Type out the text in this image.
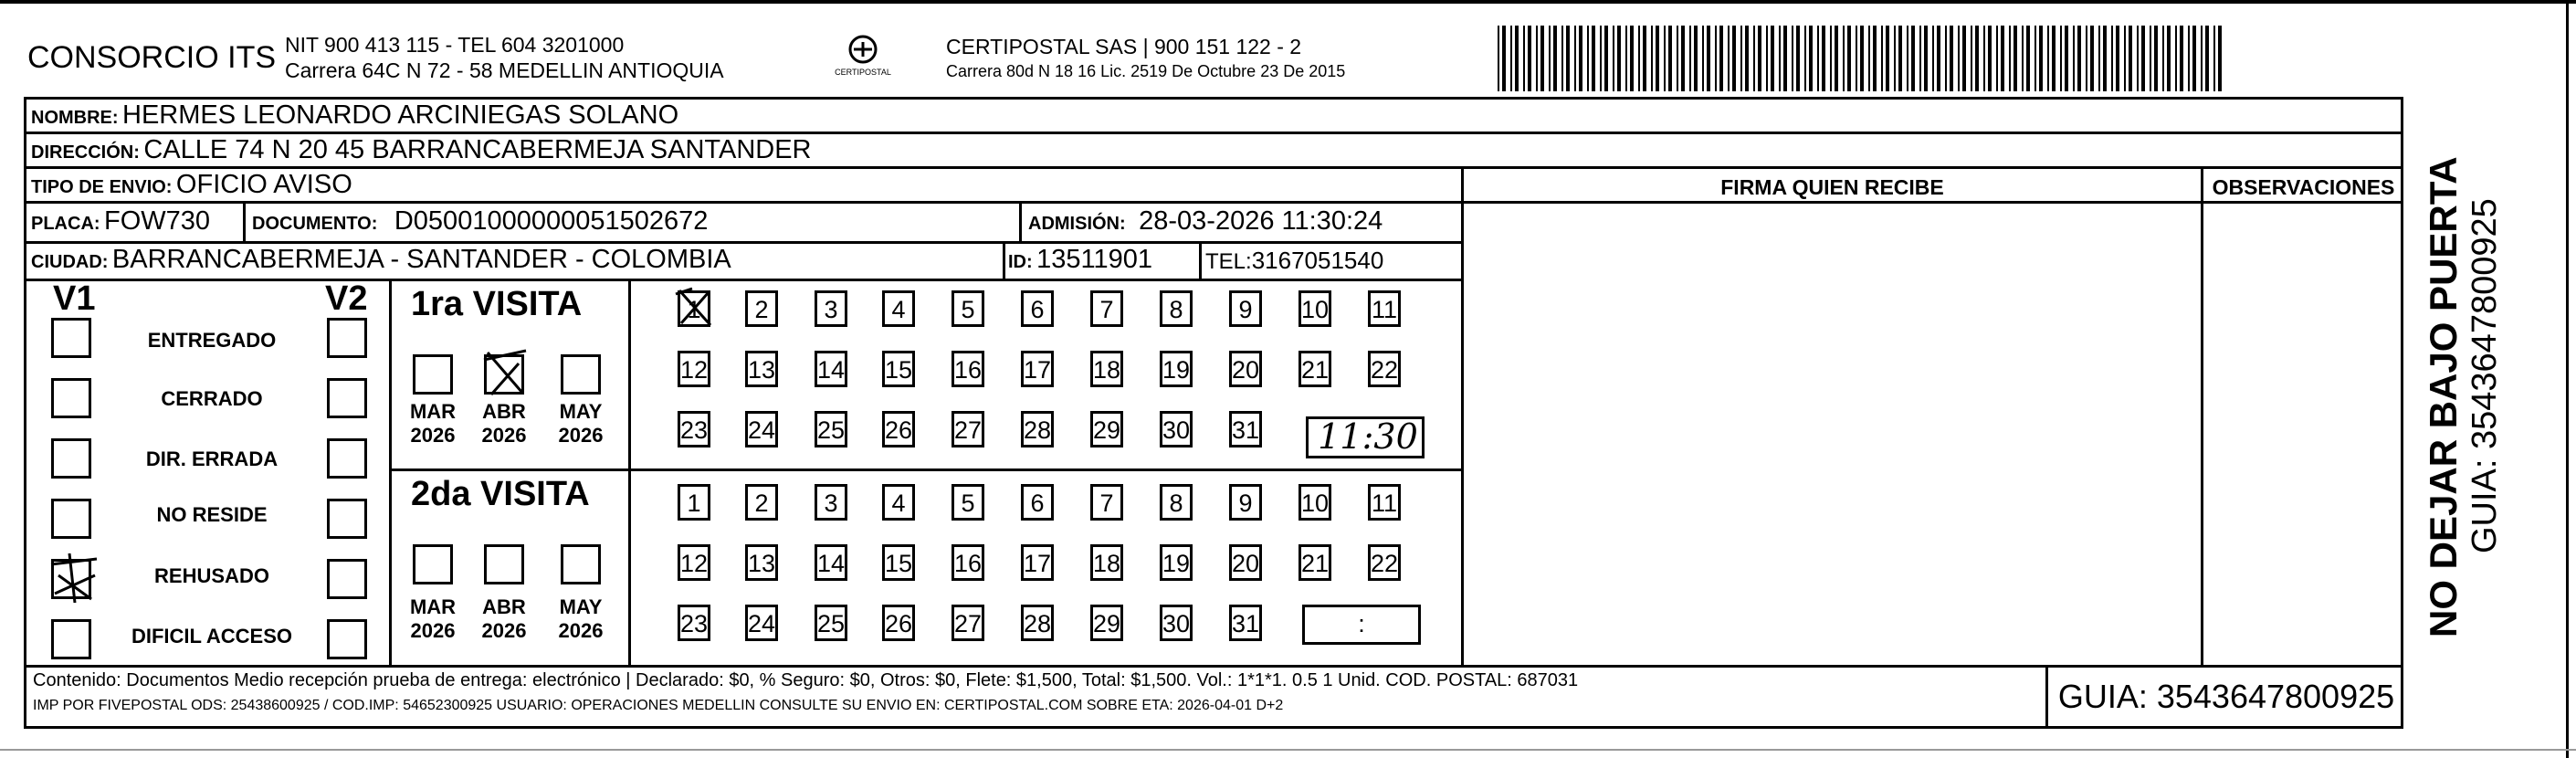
CONSORCIO ITS NIT 900 413 115 - TEL 604 3201000
Carrera 64C N 72 - 58 MEDELLIN ANTIOQUIA	CERTIPOSTAL
CERTIPOSTAL SAS | 900 151 122 - 2
Carrera 80d N 18 16 Lic. 2519 De Octubre 23 De 2015
NOMBRE: HERMES LEONARDO ARCINIEGAS SOLANO
DIRECCIÓN: CALLE 74 N 20 45 BARRANCABERMEJA SANTANDER
TIPO DE ENVIO: OFICIO AVISO
PLACA: FOW730 DOCUMENTO: D05001000000051502672	ADMISIÓN: 28-03-2026 11:30:24
CIUDAD: BARRANCABERMEJA - SANTANDER - COLOMBIA	ID: 13511901 TEL:3167051540
FIRMA QUIEN RECIBE	OBSERVACIONES
V1	V2
ENTREGADO
CERRADO
DIR. ERRADA
NO RESIDE
REHUSADO
DIFICIL ACCESO
1ra VISITA
MAR
2026
ABR
2026
MAY
2026
1	2	3	4	5	6	7	8	9	10 11
12 13 14 15 16 17 18 19 20 21 22
23 24 25 26 27 28 29 30 31 11:30
2da VISITA
MAR
2026
ABR
2026
MAY
2026
1	2	3	4	5	6	7	8	9	10 11
12 13 14 15 16 17 18 19 20 21 22
23 24 25 26 27 28 29 30 31	:
Contenido: Documentos Medio recepción prueba de entrega: electrónico | Declarado: $0, % Seguro: $0, Otros: $0, Flete: $1,500, Total: $1,500. Vol.: 1*1*1. 0.5 1 Unid. COD. POSTAL: 687031
IMP POR FIVEPOSTAL ODS: 25438600925 / COD.IMP: 54652300925 USUARIO: OPERACIONES MEDELLIN CONSULTE SU ENVIO EN: CERTIPOSTAL.COM SOBRE ETA: 2026-04-01 D+2	GUIA: 3543647800925
NO DEJAR BAJO PUERTA GUIA: 3543647800925
